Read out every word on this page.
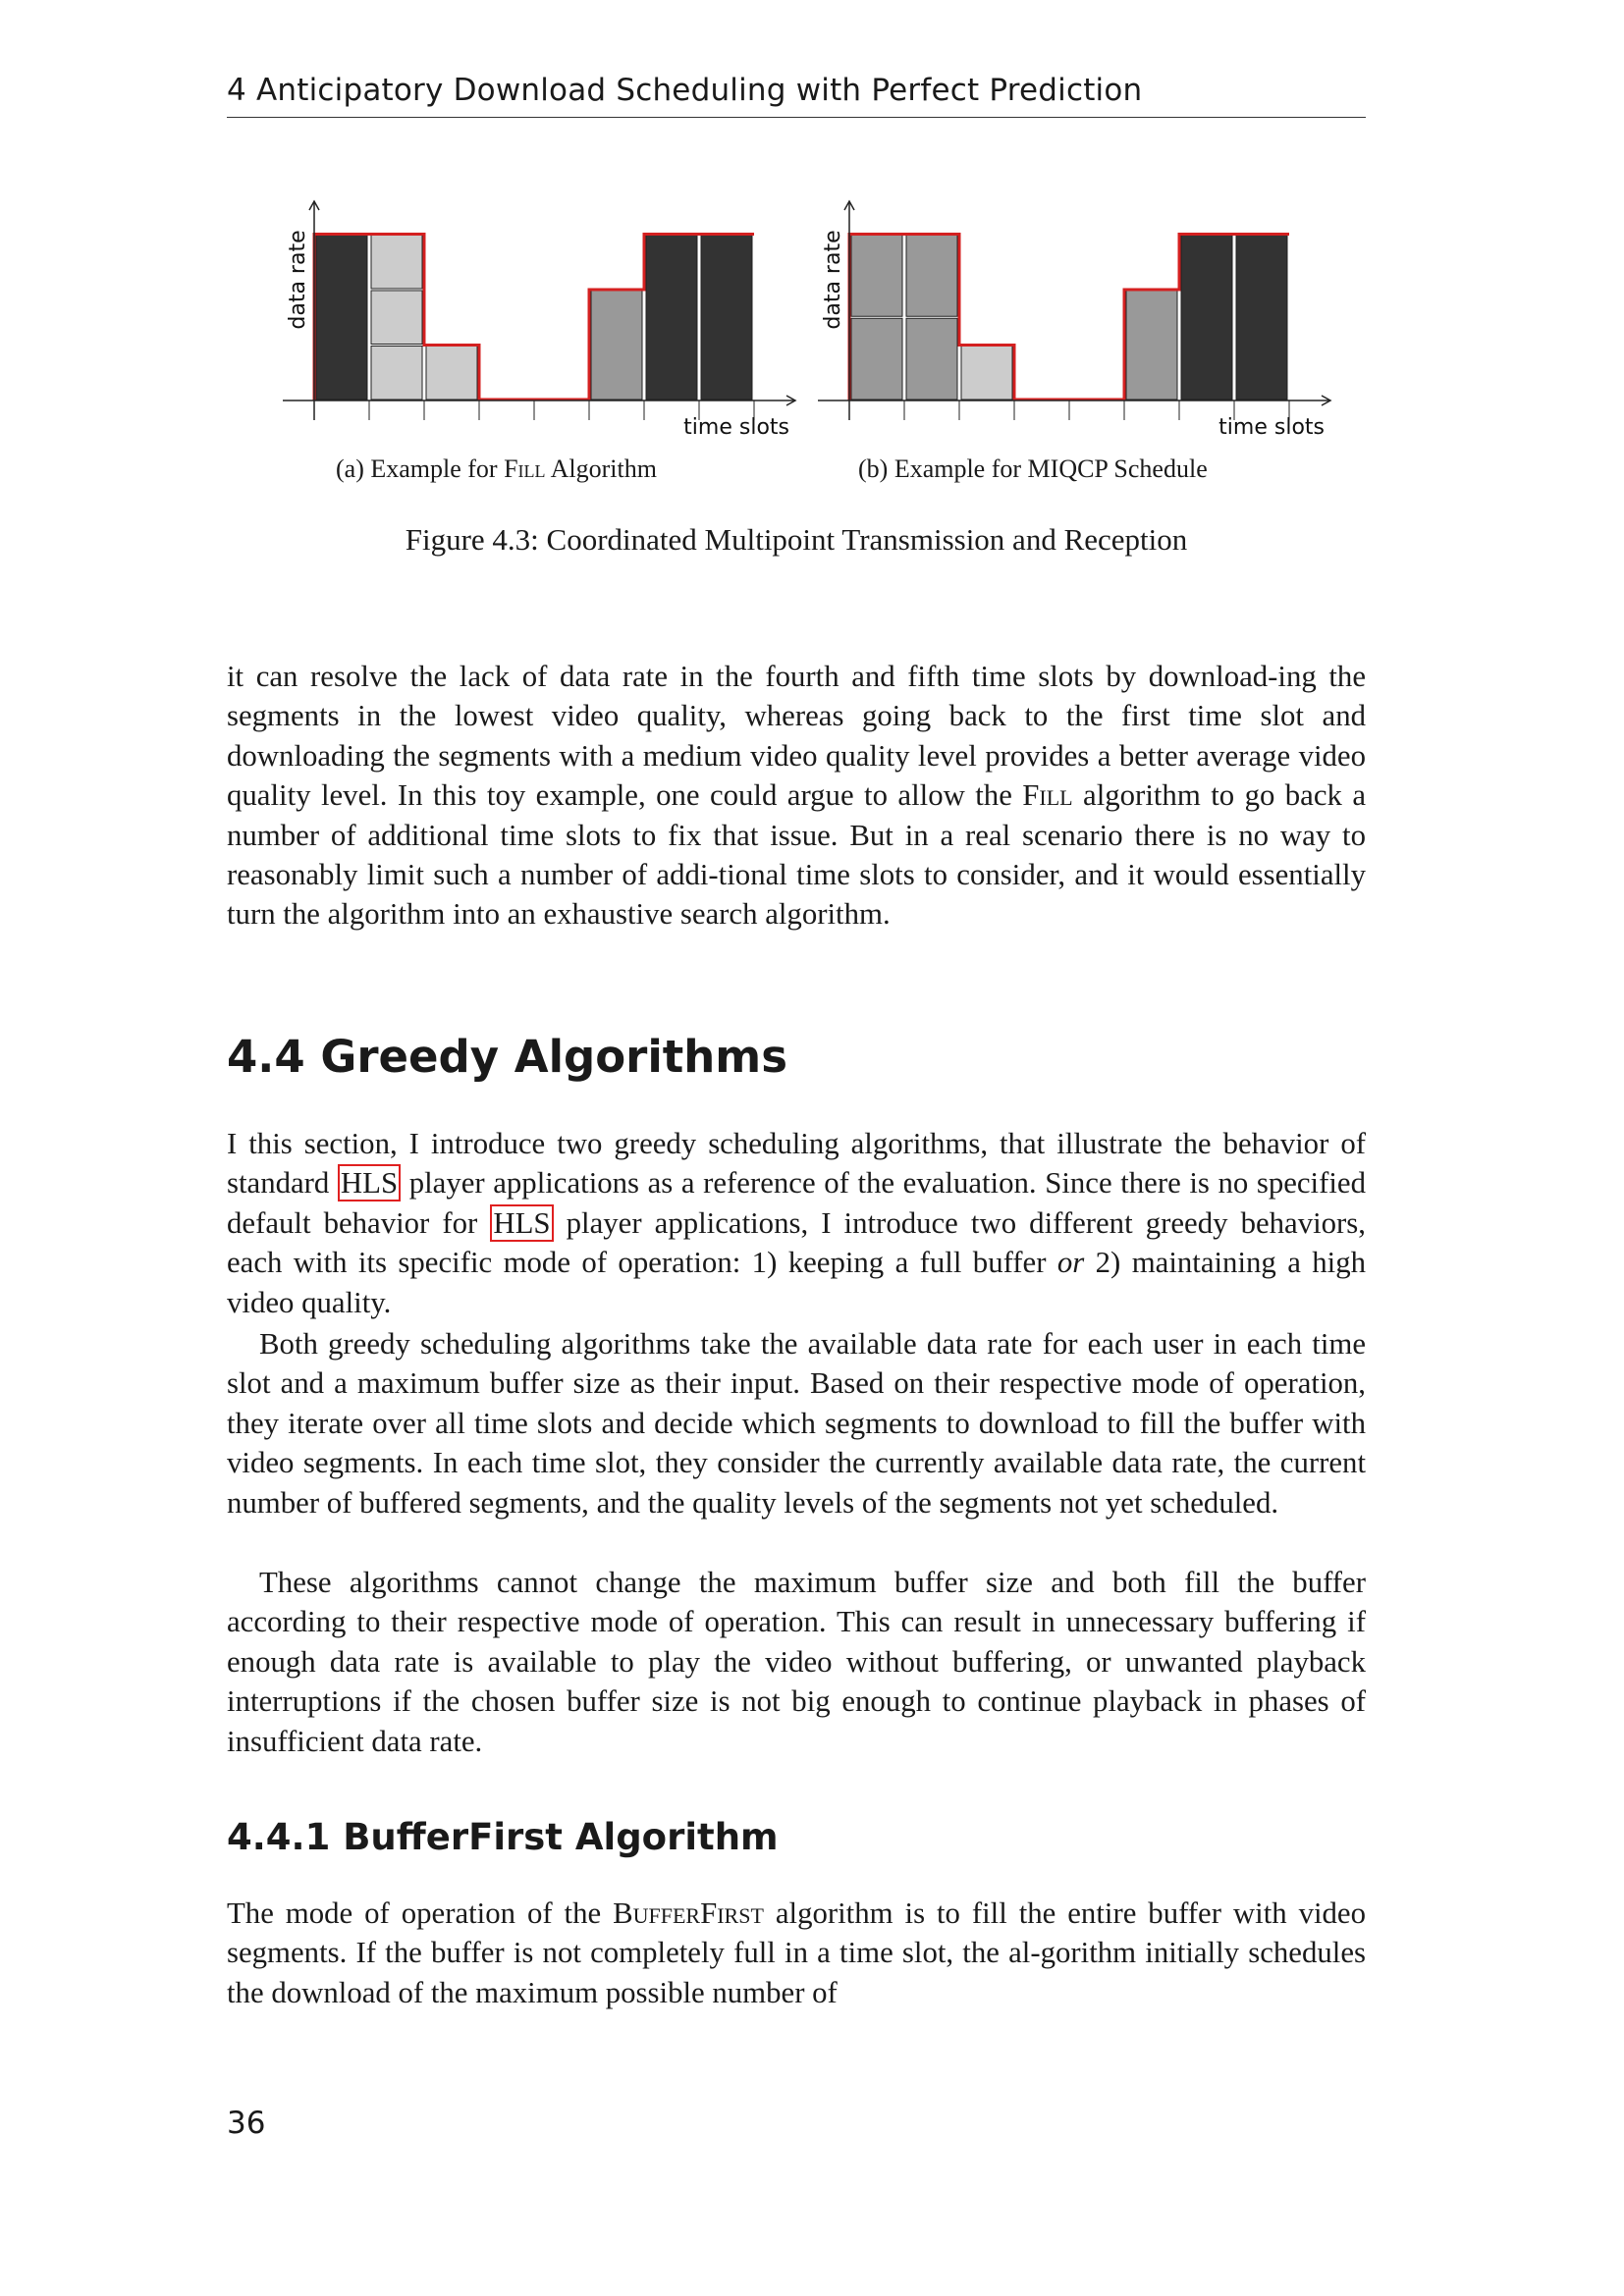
4 Anticipatory Download Scheduling with Perfect Prediction
data rate
time slots
data rate
time slots
(a) Example for Fill Algorithm	(b) Example for MIQCP Schedule
Figure 4.3: Coordinated Multipoint Transmission and Reception

it can resolve the lack of data rate in the fourth and fifth time slots by download-ing the segments in the lowest video quality, whereas going back to the first time slot and downloading the segments with a medium video quality level provides a better average video quality level. In this toy example, one could argue to allow the Fill algorithm to go back a number of additional time slots to fix that issue. But in a real scenario there is no way to reasonably limit such a number of addi-tional time slots to consider, and it would essentially turn the algorithm into an exhaustive search algorithm.

4.4 Greedy Algorithms

I this section, I introduce two greedy scheduling algorithms, that illustrate the behavior of standard HLS player applications as a reference of the evaluation. Since there is no specified default behavior for HLS player applications, I introduce two different greedy behaviors, each with its specific mode of operation: 1) keeping a full buffer or 2) maintaining a high video quality.

Both greedy scheduling algorithms take the available data rate for each user in each time slot and a maximum buffer size as their input. Based on their respective mode of operation, they iterate over all time slots and decide which segments to download to fill the buffer with video segments. In each time slot, they consider the currently available data rate, the current number of buffered segments, and the quality levels of the segments not yet scheduled.

These algorithms cannot change the maximum buffer size and both fill the buffer according to their respective mode of operation. This can result in unnecessary buffering if enough data rate is available to play the video without buffering, or unwanted playback interruptions if the chosen buffer size is not big enough to continue playback in phases of insufficient data rate.

4.4.1 BufferFirst Algorithm

The mode of operation of the BufferFirst algorithm is to fill the entire buffer with video segments. If the buffer is not completely full in a time slot, the al-gorithm initially schedules the download of the maximum possible number of

36
